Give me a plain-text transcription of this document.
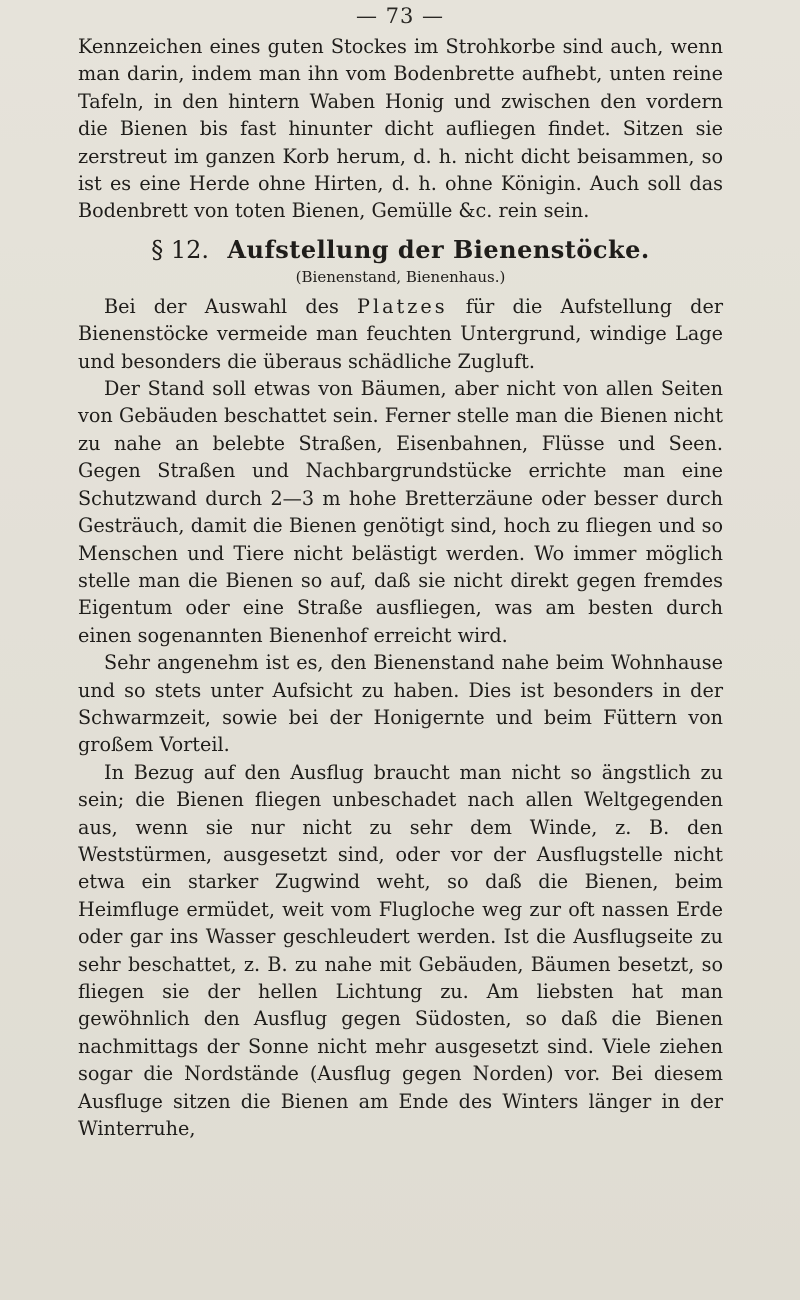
— 73 —

Kennzeichen eines guten Stockes im Strohkorbe sind auch, wenn man darin, indem man ihn vom Bodenbrette aufhebt, unten reine Tafeln, in den hintern Waben Honig und zwischen den vordern die Bienen bis fast hinunter dicht aufliegen findet. Sitzen sie zerstreut im ganzen Korb herum, d. h. nicht dicht beisammen, so ist es eine Herde ohne Hirten, d. h. ohne Königin. Auch soll das Bodenbrett von toten Bienen, Gemülle &c. rein sein.

§ 12. Aufstellung der Bienenstöcke.
(Bienenstand, Bienenhaus.)

Bei der Auswahl des Platzes für die Aufstellung der Bienenstöcke vermeide man feuchten Untergrund, windige Lage und besonders die überaus schädliche Zugluft.

Der Stand soll etwas von Bäumen, aber nicht von allen Seiten von Gebäuden beschattet sein. Ferner stelle man die Bienen nicht zu nahe an belebte Straßen, Eisenbahnen, Flüsse und Seen. Gegen Straßen und Nachbargrundstücke errichte man eine Schutzwand durch 2—3 m hohe Bretterzäune oder besser durch Gesträuch, damit die Bienen genötigt sind, hoch zu fliegen und so Menschen und Tiere nicht belästigt werden. Wo immer möglich stelle man die Bienen so auf, daß sie nicht direkt gegen fremdes Eigentum oder eine Straße ausfliegen, was am besten durch einen sogenannten Bienenhof erreicht wird.

Sehr angenehm ist es, den Bienenstand nahe beim Wohnhause und so stets unter Aufsicht zu haben. Dies ist besonders in der Schwarmzeit, sowie bei der Honigernte und beim Füttern von großem Vorteil.

In Bezug auf den Ausflug braucht man nicht so ängstlich zu sein; die Bienen fliegen unbeschadet nach allen Weltgegenden aus, wenn sie nur nicht zu sehr dem Winde, z. B. den Weststürmen, ausgesetzt sind, oder vor der Ausflugstelle nicht etwa ein starker Zugwind weht, so daß die Bienen, beim Heimfluge ermüdet, weit vom Flugloche weg zur oft nassen Erde oder gar ins Wasser geschleudert werden. Ist die Ausflugseite zu sehr beschattet, z. B. zu nahe mit Gebäuden, Bäumen besetzt, so fliegen sie der hellen Lichtung zu. Am liebsten hat man gewöhnlich den Ausflug gegen Südosten, so daß die Bienen nachmittags der Sonne nicht mehr ausgesetzt sind. Viele ziehen sogar die Nordstände (Ausflug gegen Norden) vor. Bei diesem Ausfluge sitzen die Bienen am Ende des Winters länger in der Winterruhe,
